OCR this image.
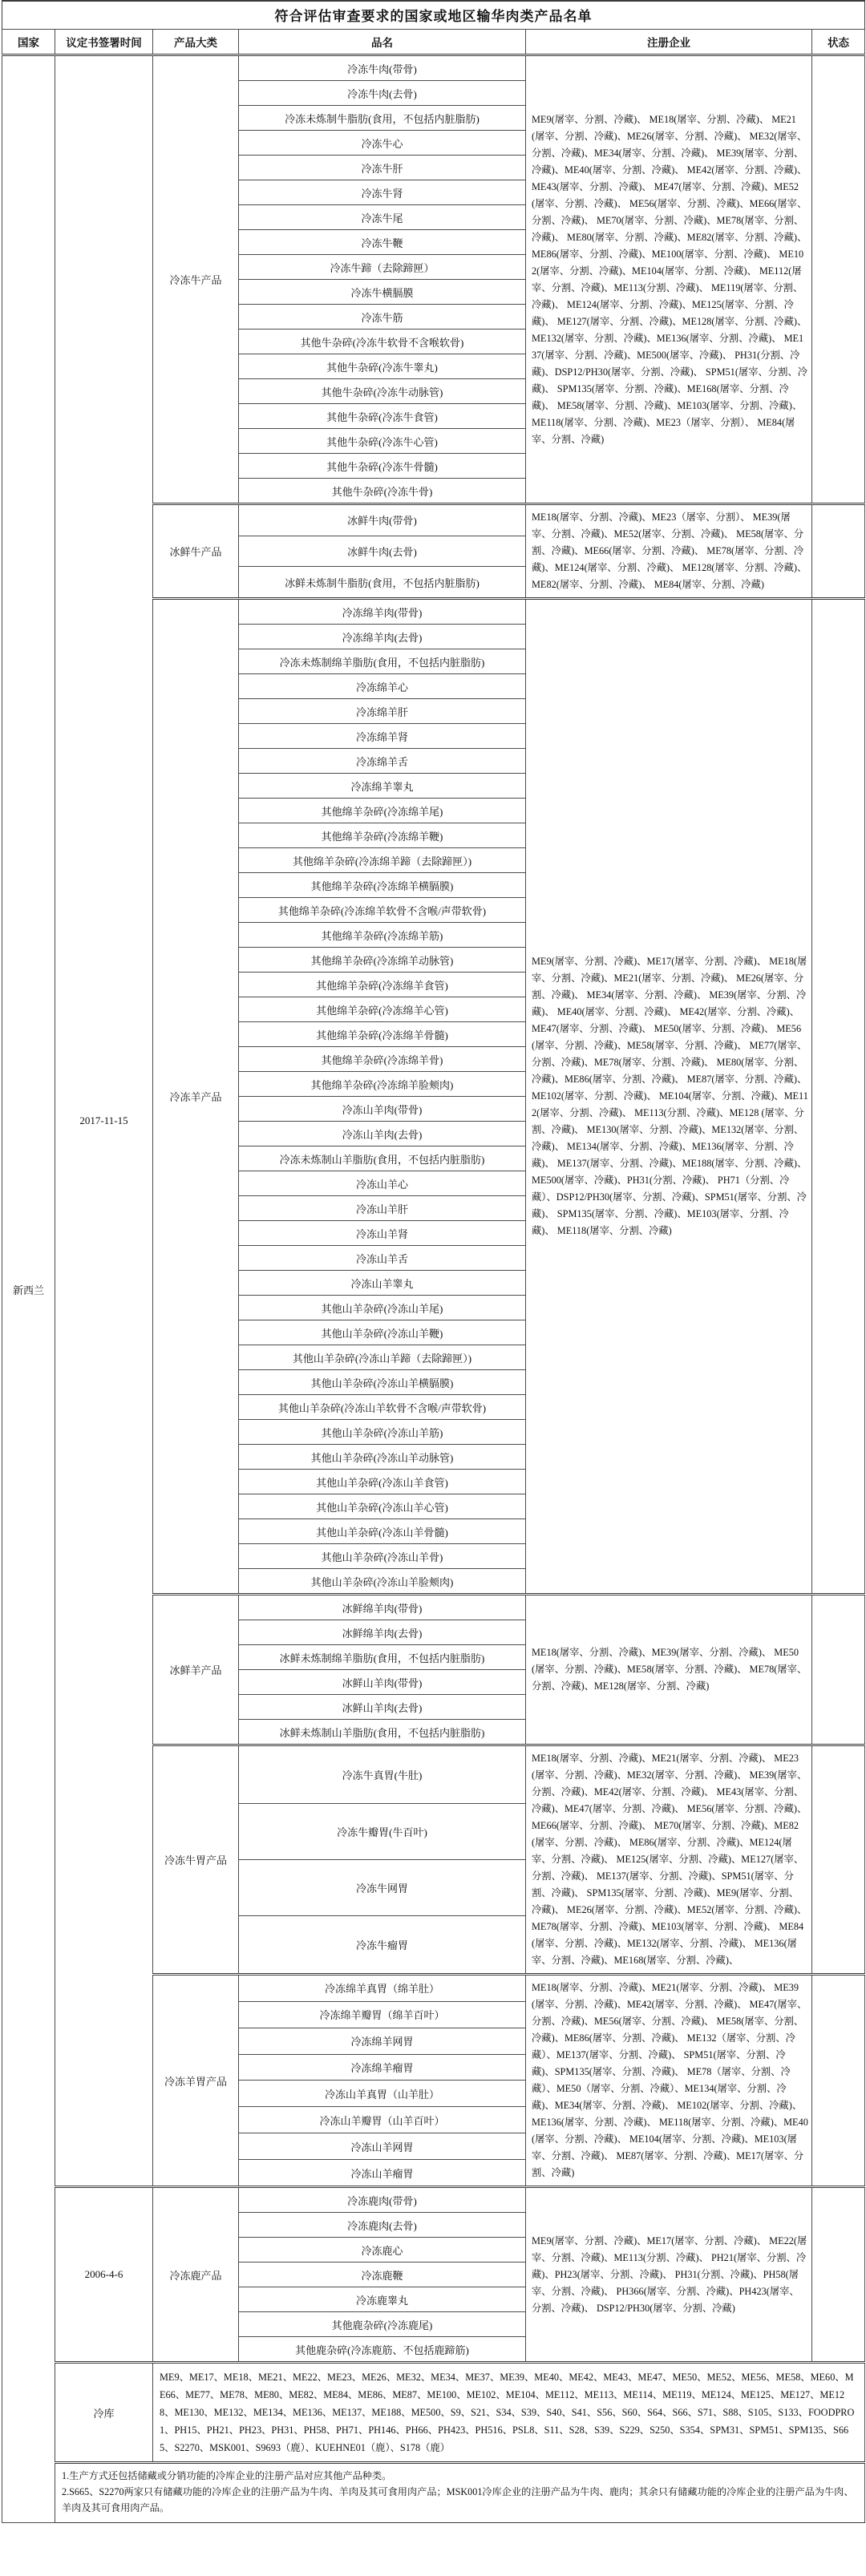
符合评估审查要求的国家或地区输华肉类产品名单					
国家	议定书签署时间	产品大类	品名	注册企业	状态
新西兰	2017-11-15	冷冻牛产品	冷冻牛肉(带骨)	ME9(屠宰、分割、冷藏)、 ME18(屠宰、分割、冷藏)、 ME21(屠宰、分割、冷藏)、ME26(屠宰、分割、冷藏)、 ME32(屠宰、分割、冷藏)、ME34(屠宰、分割、冷藏)、 ME39(屠宰、分割、冷藏)、ME40(屠宰、分割、冷藏)、 ME42(屠宰、分割、冷藏)、ME43(屠宰、分割、冷藏)、 ME47(屠宰、分割、冷藏)、ME52(屠宰、分割、冷藏)、 ME56(屠宰、分割、冷藏)、ME66(屠宰、分割、冷藏)、 ME70(屠宰、分割、冷藏)、ME78(屠宰、分割、冷藏)、 ME80(屠宰、分割、冷藏)、ME82(屠宰、分割、冷藏)、 ME86(屠宰、分割、冷藏)、ME100(屠宰、分割、冷藏)、 ME102(屠宰、分割、冷藏)、ME104(屠宰、分割、冷藏)、 ME112(屠宰、分割、冷藏)、ME113(分割、冷藏)、 ME119(屠宰、分割、冷藏)、 ME124(屠宰、分割、冷藏)、ME125(屠宰、分割、冷藏)、 ME127(屠宰、分割、冷藏)、ME128(屠宰、分割、冷藏)、 ME132(屠宰、分割、冷藏)、ME136(屠宰、分割、冷藏)、 ME137(屠宰、分割、冷藏)、ME500(屠宰、冷藏)、 PH31(分割、冷藏)、DSP12/PH30(屠宰、分割、冷藏)、 SPM51(屠宰、分割、冷藏)、 SPM135(屠宰、分割、冷藏)、ME168(屠宰、分割、冷藏)、 ME58(屠宰、分割、冷藏)、ME103(屠宰、分割、冷藏)、 ME118(屠宰、分割、冷藏)、ME23（屠宰、分割）、 ME84(屠宰、分割、冷藏)	
			冷冻牛肉(去骨)		
			冷冻未炼制牛脂肪(食用，不包括内脏脂肪)		
			冷冻牛心		
			冷冻牛肝		
			冷冻牛肾		
			冷冻牛尾		
			冷冻牛鞭		
			冷冻牛蹄（去除蹄匣）		
			冷冻牛横膈膜		
			冷冻牛筋		
			其他牛杂碎(冷冻牛软骨不含喉软骨)		
			其他牛杂碎(冷冻牛睾丸)		
			其他牛杂碎(冷冻牛动脉管)		
			其他牛杂碎(冷冻牛食管)		
			其他牛杂碎(冷冻牛心管)		
			其他牛杂碎(冷冻牛骨髓)		
			其他牛杂碎(冷冻牛骨)		
		冰鲜牛产品	冰鲜牛肉(带骨)	ME18(屠宰、分割、冷藏)、ME23（屠宰、分割）、 ME39(屠宰、分割、冷藏)、ME52(屠宰、分割、冷藏)、 ME58(屠宰、分割、冷藏)、ME66(屠宰、分割、冷藏)、 ME78(屠宰、分割、冷藏)、ME124(屠宰、分割、冷藏)、 ME128(屠宰、分割、冷藏)、ME82(屠宰、分割、冷藏)、 ME84(屠宰、分割、冷藏)	
			冰鲜牛肉(去骨)		
			冰鲜未炼制牛脂肪(食用，不包括内脏脂肪)		
		冷冻羊产品	冷冻绵羊肉(带骨)	ME9(屠宰、分割、冷藏)、ME17(屠宰、分割、冷藏)、 ME18(屠宰、分割、冷藏)、ME21(屠宰、分割、冷藏)、 ME26(屠宰、分割、冷藏)、 ME34(屠宰、分割、冷藏)、 ME39(屠宰、分割、冷藏)、 ME40(屠宰、分割、冷藏)、 ME42(屠宰、分割、冷藏)、 ME47(屠宰、分割、冷藏)、 ME50(屠宰、分割、冷藏)、 ME56(屠宰、分割、冷藏)、ME58(屠宰、分割、冷藏)、 ME77(屠宰、分割、冷藏)、ME78(屠宰、分割、冷藏)、 ME80(屠宰、分割、冷藏)、ME86(屠宰、分割、冷藏)、 ME87(屠宰、分割、冷藏)、ME102(屠宰、分割、冷藏)、 ME104(屠宰、分割、冷藏)、ME112(屠宰、分割、冷藏)、 ME113(分割、冷藏)、ME128 (屠宰、分割、冷藏)、 ME130(屠宰、分割、冷藏)、ME132(屠宰、分割、冷藏)、 ME134(屠宰、分割、冷藏)、ME136(屠宰、分割、冷藏)、 ME137(屠宰、分割、冷藏)、ME188(屠宰、分割、冷藏)、 ME500(屠宰、冷藏)、PH31(分割、冷藏)、 PH71（分割、冷藏）、DSP12/PH30(屠宰、分割、冷藏)、SPM51(屠宰、分割、冷藏)、 SPM135(屠宰、分割、冷藏)、ME103(屠宰、分割、冷藏)、 ME118(屠宰、分割、冷藏)	
			冷冻绵羊肉(去骨)		
			冷冻未炼制绵羊脂肪(食用，不包括内脏脂肪)		
			冷冻绵羊心		
			冷冻绵羊肝		
			冷冻绵羊肾		
			冷冻绵羊舌		
			冷冻绵羊睾丸		
			其他绵羊杂碎(冷冻绵羊尾)		
			其他绵羊杂碎(冷冻绵羊鞭)		
			其他绵羊杂碎(冷冻绵羊蹄（去除蹄匣）)		
			其他绵羊杂碎(冷冻绵羊横膈膜)		
			其他绵羊杂碎(冷冻绵羊软骨不含喉/声带软骨)		
			其他绵羊杂碎(冷冻绵羊筋)		
			其他绵羊杂碎(冷冻绵羊动脉管)		
			其他绵羊杂碎(冷冻绵羊食管)		
			其他绵羊杂碎(冷冻绵羊心管)		
			其他绵羊杂碎(冷冻绵羊骨髓)		
			其他绵羊杂碎(冷冻绵羊骨)		
			其他绵羊杂碎(冷冻绵羊脸颊肉)		
			冷冻山羊肉(带骨)		
			冷冻山羊肉(去骨)		
			冷冻未炼制山羊脂肪(食用，不包括内脏脂肪)		
			冷冻山羊心		
			冷冻山羊肝		
			冷冻山羊肾		
			冷冻山羊舌		
			冷冻山羊睾丸		
			其他山羊杂碎(冷冻山羊尾)		
			其他山羊杂碎(冷冻山羊鞭)		
			其他山羊杂碎(冷冻山羊蹄（去除蹄匣）)		
			其他山羊杂碎(冷冻山羊横膈膜)		
			其他山羊杂碎(冷冻山羊软骨不含喉/声带软骨)		
			其他山羊杂碎(冷冻山羊筋)		
			其他山羊杂碎(冷冻山羊动脉管)		
			其他山羊杂碎(冷冻山羊食管)		
			其他山羊杂碎(冷冻山羊心管)		
			其他山羊杂碎(冷冻山羊骨髓)		
			其他山羊杂碎(冷冻山羊骨)		
			其他山羊杂碎(冷冻山羊脸颊肉)		
		冰鲜羊产品	冰鲜绵羊肉(带骨)	ME18(屠宰、分割、冷藏)、ME39(屠宰、分割、冷藏)、 ME50(屠宰、分割、冷藏)、ME58(屠宰、分割、冷藏)、 ME78(屠宰、分割、冷藏)、ME128(屠宰、分割、冷藏)	
			冰鲜绵羊肉(去骨)		
			冰鲜未炼制绵羊脂肪(食用，不包括内脏脂肪)		
			冰鲜山羊肉(带骨)		
			冰鲜山羊肉(去骨)		
			冰鲜未炼制山羊脂肪(食用，不包括内脏脂肪)		
		冷冻牛胃产品	冷冻牛真胃(牛肚)	ME18(屠宰、分割、冷藏)、ME21(屠宰、分割、冷藏)、 ME23(屠宰、分割、冷藏)、ME32(屠宰、分割、冷藏)、 ME39(屠宰、分割、冷藏)、ME42(屠宰、分割、冷藏)、 ME43(屠宰、分割、冷藏)、ME47(屠宰、分割、冷藏)、 ME56(屠宰、分割、冷藏)、ME66(屠宰、分割、冷藏)、 ME70(屠宰、分割、冷藏)、ME82(屠宰、分割、冷藏)、 ME86(屠宰、分割、冷藏)、ME124(屠宰、分割、冷藏)、 ME125(屠宰、分割、冷藏)、ME127(屠宰、分割、冷藏)、 ME137(屠宰、分割、冷藏)、SPM51(屠宰、分割、冷藏)、 SPM135(屠宰、分割、冷藏)、ME9(屠宰、分割、冷藏)、 ME26(屠宰、分割、冷藏)、ME52(屠宰、分割、冷藏)、 ME78(屠宰、分割、冷藏)、ME103(屠宰、分割、冷藏)、 ME84(屠宰、分割、冷藏)、ME132(屠宰、分割、冷藏)、 ME136(屠宰、分割、冷藏)、ME168(屠宰、分割、冷藏)、	
			冷冻牛瓣胃(牛百叶)		
			冷冻牛网胃		
			冷冻牛瘤胃		
		冷冻羊胃产品	冷冻绵羊真胃（绵羊肚）	ME18(屠宰、分割、冷藏)、ME21(屠宰、分割、冷藏)、 ME39(屠宰、分割、冷藏)、ME42(屠宰、分割、冷藏)、 ME47(屠宰、分割、冷藏)、ME56(屠宰、分割、冷藏)、 ME58(屠宰、分割、冷藏)、ME86(屠宰、分割、冷藏)、 ME132（屠宰、分割、冷藏）、ME137(屠宰、分割、冷藏)、 SPM51(屠宰、分割、冷藏)、SPM135(屠宰、分割、冷藏)、 ME78（屠宰、分割、冷藏）、ME50（屠宰、分割、冷藏）、ME134(屠宰、分割、冷藏)、ME34(屠宰、分割、冷藏)、 ME102(屠宰、分割、冷藏)、ME136(屠宰、分割、冷藏)、 ME118(屠宰、分割、冷藏)、ME40(屠宰、分割、冷藏)、 ME104(屠宰、分割、冷藏)、ME103(屠宰、分割、冷藏)、 ME87(屠宰、分割、冷藏)、ME17(屠宰、分割、冷藏)	
			冷冻绵羊瓣胃（绵羊百叶）		
			冷冻绵羊网胃		
			冷冻绵羊瘤胃		
			冷冻山羊真胃（山羊肚）		
			冷冻山羊瓣胃（山羊百叶）		
			冷冻山羊网胃		
			冷冻山羊瘤胃		
	2006-4-6	冷冻鹿产品	冷冻鹿肉(带骨)	ME9(屠宰、分割、冷藏)、ME17(屠宰、分割、冷藏)、 ME22(屠宰、分割、冷藏)、ME113(分割、冷藏)、 PH21(屠宰、分割、冷藏)、PH23(屠宰、分割、冷藏)、 PH31(分割、冷藏)、PH58(屠宰、分割、冷藏)、 PH366(屠宰、分割、冷藏)、PH423(屠宰、分割、冷藏)、 DSP12/PH30(屠宰、分割、冷藏)	
			冷冻鹿肉(去骨)		
			冷冻鹿心		
			冷冻鹿鞭		
			冷冻鹿睾丸		
			其他鹿杂碎(冷冻鹿尾)		
			其他鹿杂碎(冷冻鹿筋、不包括鹿蹄筋)		
	冷库	ME9、ME17、ME18、ME21、ME22、ME23、ME26、ME32、ME34、ME37、ME39、ME40、ME42、ME43、ME47、ME50、ME52、ME56、ME58、ME60、ME66、ME77、ME78、ME80、ME82、ME84、ME86、ME87、ME100、ME102、ME104、ME112、ME113、ME114、ME119、ME124、ME125、ME127、ME128、ME130、ME132、ME134、ME136、ME137、ME188、ME500、S9、S21、S34、S39、S40、S41、S56、S60、S64、S66、S71、S88、S105、S133、FOODPRO1、PH15、PH21、PH23、PH31、PH58、PH71、PH146、PH66、PH423、PH516、PSL8、S11、S28、S39、S229、S250、S354、SPM31、SPM51、SPM135、S665、S2270、MSK001、S9693（鹿）、KUEHNE01（鹿）、S178（鹿）			

	1.生产方式还包括储藏或分销功能的冷库企业的注册产品对应其他产品种类。

2.S665、S2270两家只有储藏功能的冷库企业的注册产品为牛肉、羊肉及其可食用肉产品；MSK001冷库企业的注册产品为牛肉、鹿肉；其余只有储藏功能的冷库企业的注册产品为牛肉、羊肉及其可食用肉产品。				
